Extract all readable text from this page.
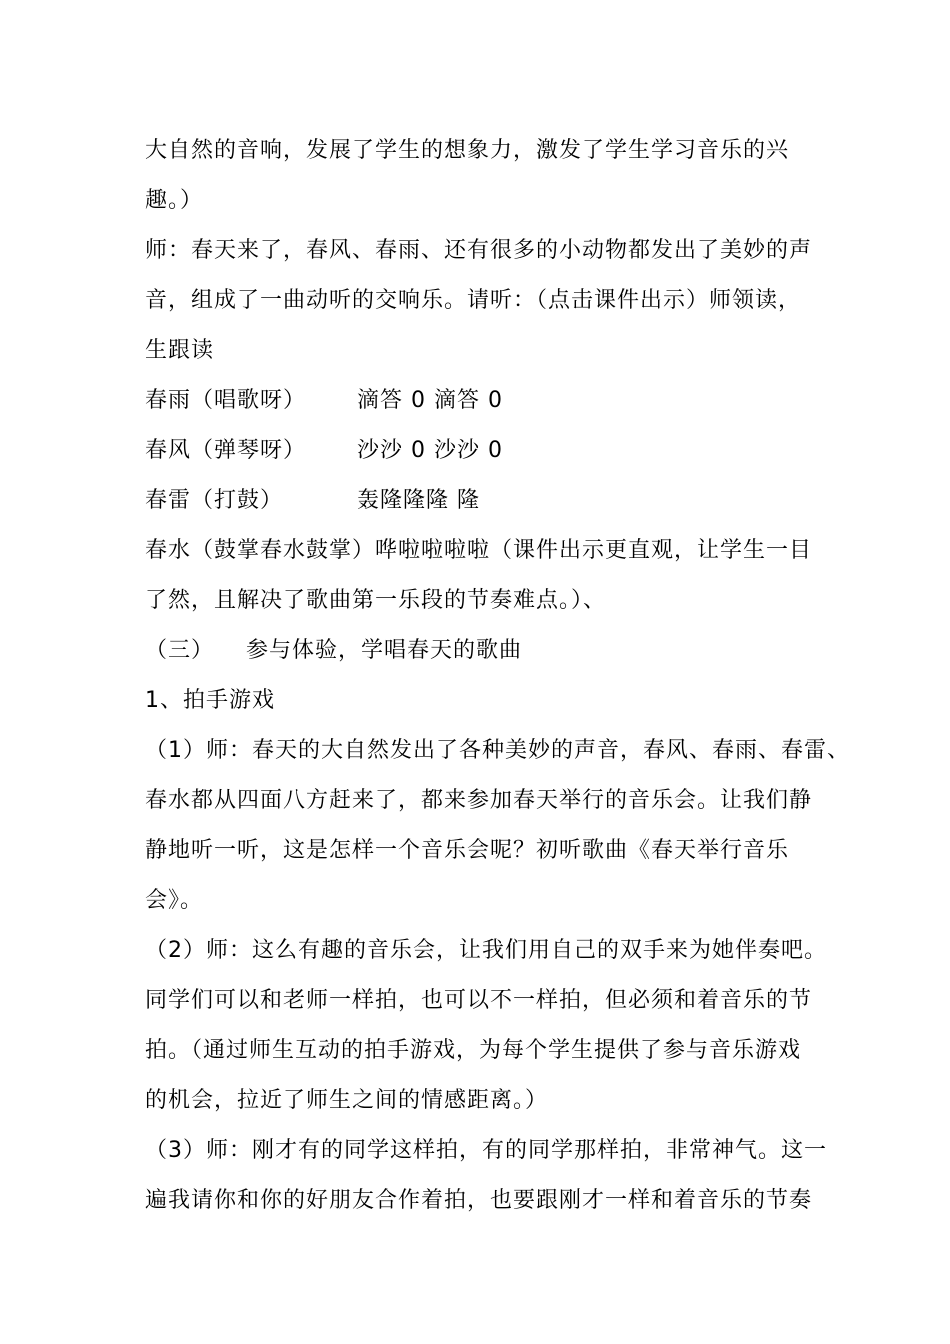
大自然的音响，发展了学生的想象力，激发了学生学习音乐的兴
趣。）
师：春天来了，春风、春雨、还有很多的小动物都发出了美妙的声
音，组成了一曲动听的交响乐。请听：（点击课件出示）师领读，
生跟读
春雨（唱歌呀） 滴答 0 滴答 0
春风（弹琴呀） 沙沙 0 沙沙 0
春雷（打鼓）	轰隆隆隆 隆
春水（鼓掌春水鼓掌）哗啦啦啦啦（课件出示更直观，让学生一目
了然，且解决了歌曲第一乐段的节奏难点。）、
（三）    参与体验，学唱春天的歌曲
1、拍手游戏
（1）师：春天的大自然发出了各种美妙的声音，春风、春雨、春雷、
春水都从四面八方赶来了，都来参加春天举行的音乐会。让我们静
静地听一听，这是怎样一个音乐会呢？初听歌曲《春天举行音乐
会》。
（2）师：这么有趣的音乐会，让我们用自己的双手来为她伴奏吧。
同学们可以和老师一样拍，也可以不一样拍，但必须和着音乐的节
拍。（通过师生互动的拍手游戏，为每个学生提供了参与音乐游戏
的机会，拉近了师生之间的情感距离。）
（3）师：刚才有的同学这样拍，有的同学那样拍，非常神气。这一
遍我请你和你的好朋友合作着拍，也要跟刚才一样和着音乐的节奏
